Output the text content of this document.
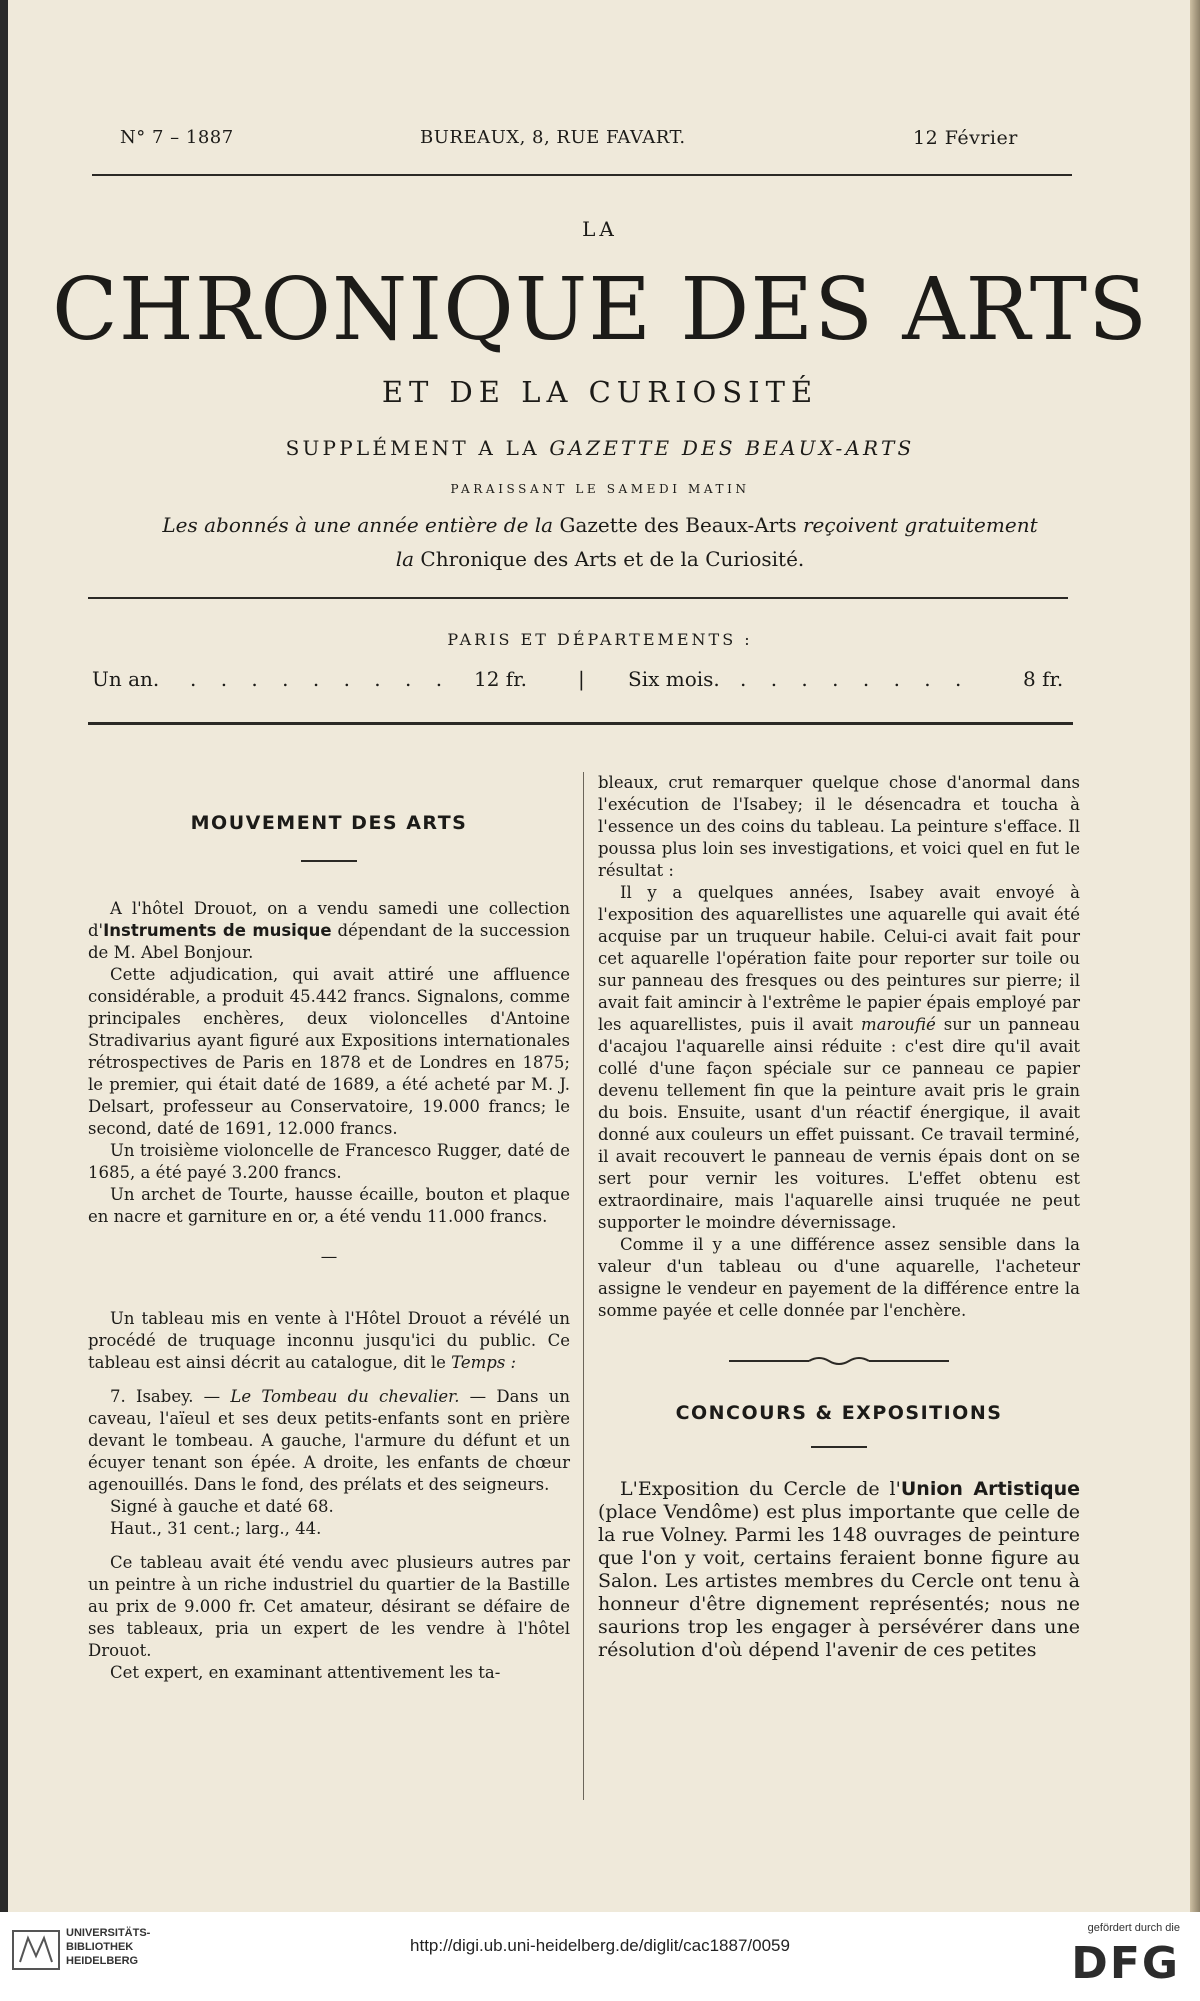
N° 7 – 1887	BUREAUX, 8, RUE FAVART.	12 Février
LA
CHRONIQUE DES ARTS
ET DE LA CURIOSITÉ
SUPPLÉMENT A LA GAZETTE DES BEAUX-ARTS
PARAISSANT LE SAMEDI MATIN
Les abonnés à une année entière de la Gazette des Beaux-Arts reçoivent gratuitement
la Chronique des Arts et de la Curiosité.
PARIS ET DÉPARTEMENTS :
Un an. . . . . . . . . . 12 fr.	| Six mois. . . . . . . . .	8 fr.
MOUVEMENT DES ARTS

A l'hôtel Drouot, on a vendu samedi une collection d'Instruments de musique dépendant de la succession de M. Abel Bonjour.

Cette adjudication, qui avait attiré une affluence considérable, a produit 45.442 francs. Signalons, comme principales enchères, deux violoncelles d'Antoine Stradivarius ayant figuré aux Expositions internationales rétrospectives de Paris en 1878 et de Londres en 1875; le premier, qui était daté de 1689, a été acheté par M. J. Delsart, professeur au Conservatoire, 19.000 francs; le second, daté de 1691, 12.000 francs.

Un troisième violoncelle de Francesco Rugger, daté de 1685, a été payé 3.200 francs.

Un archet de Tourte, hausse écaille, bouton et plaque en nacre et garniture en or, a été vendu 11.000 francs.

—

Un tableau mis en vente à l'Hôtel Drouot a révélé un procédé de truquage inconnu jusqu'ici du public. Ce tableau est ainsi décrit au catalogue, dit le Temps :

7. Isabey. — Le Tombeau du chevalier. — Dans un caveau, l'aïeul et ses deux petits-enfants sont en prière devant le tombeau. A gauche, l'armure du défunt et un écuyer tenant son épée. A droite, les enfants de chœur agenouillés. Dans le fond, des prélats et des seigneurs.

Signé à gauche et daté 68.

Haut., 31 cent.; larg., 44.

Ce tableau avait été vendu avec plusieurs autres par un peintre à un riche industriel du quartier de la Bastille au prix de 9.000 fr. Cet amateur, désirant se défaire de ses tableaux, pria un expert de les vendre à l'hôtel Drouot.

Cet expert, en examinant attentivement les ta-

bleaux, crut remarquer quelque chose d'anormal dans l'exécution de l'Isabey; il le désencadra et toucha à l'essence un des coins du tableau. La peinture s'efface. Il poussa plus loin ses investigations, et voici quel en fut le résultat :

Il y a quelques années, Isabey avait envoyé à l'exposition des aquarellistes une aquarelle qui avait été acquise par un truqueur habile. Celui-ci avait fait pour cet aquarelle l'opération faite pour reporter sur toile ou sur panneau des fresques ou des peintures sur pierre; il avait fait amincir à l'extrême le papier épais employé par les aquarellistes, puis il avait maroufié sur un panneau d'acajou l'aquarelle ainsi réduite : c'est dire qu'il avait collé d'une façon spéciale sur ce panneau ce papier devenu tellement fin que la peinture avait pris le grain du bois. Ensuite, usant d'un réactif énergique, il avait donné aux couleurs un effet puissant. Ce travail terminé, il avait recouvert le panneau de vernis épais dont on se sert pour vernir les voitures. L'effet obtenu est extraordinaire, mais l'aquarelle ainsi truquée ne peut supporter le moindre dévernissage.

Comme il y a une différence assez sensible dans la valeur d'un tableau ou d'une aquarelle, l'acheteur assigne le vendeur en payement de la différence entre la somme payée et celle donnée par l'enchère.

CONCOURS & EXPOSITIONS

L'Exposition du Cercle de l'Union Artistique (place Vendôme) est plus importante que celle de la rue Volney. Parmi les 148 ouvrages de peinture que l'on y voit, certains feraient bonne figure au Salon. Les artistes membres du Cercle ont tenu à honneur d'être dignement représentés; nous ne saurions trop les engager à persévérer dans une résolution d'où dépend l'avenir de ces petites

UNIVERSITÄTS-
BIBLIOTHEK
HEIDELBERG
http://digi.ub.uni-heidelberg.de/diglit/cac1887/0059
gefördert durch die
DFG
